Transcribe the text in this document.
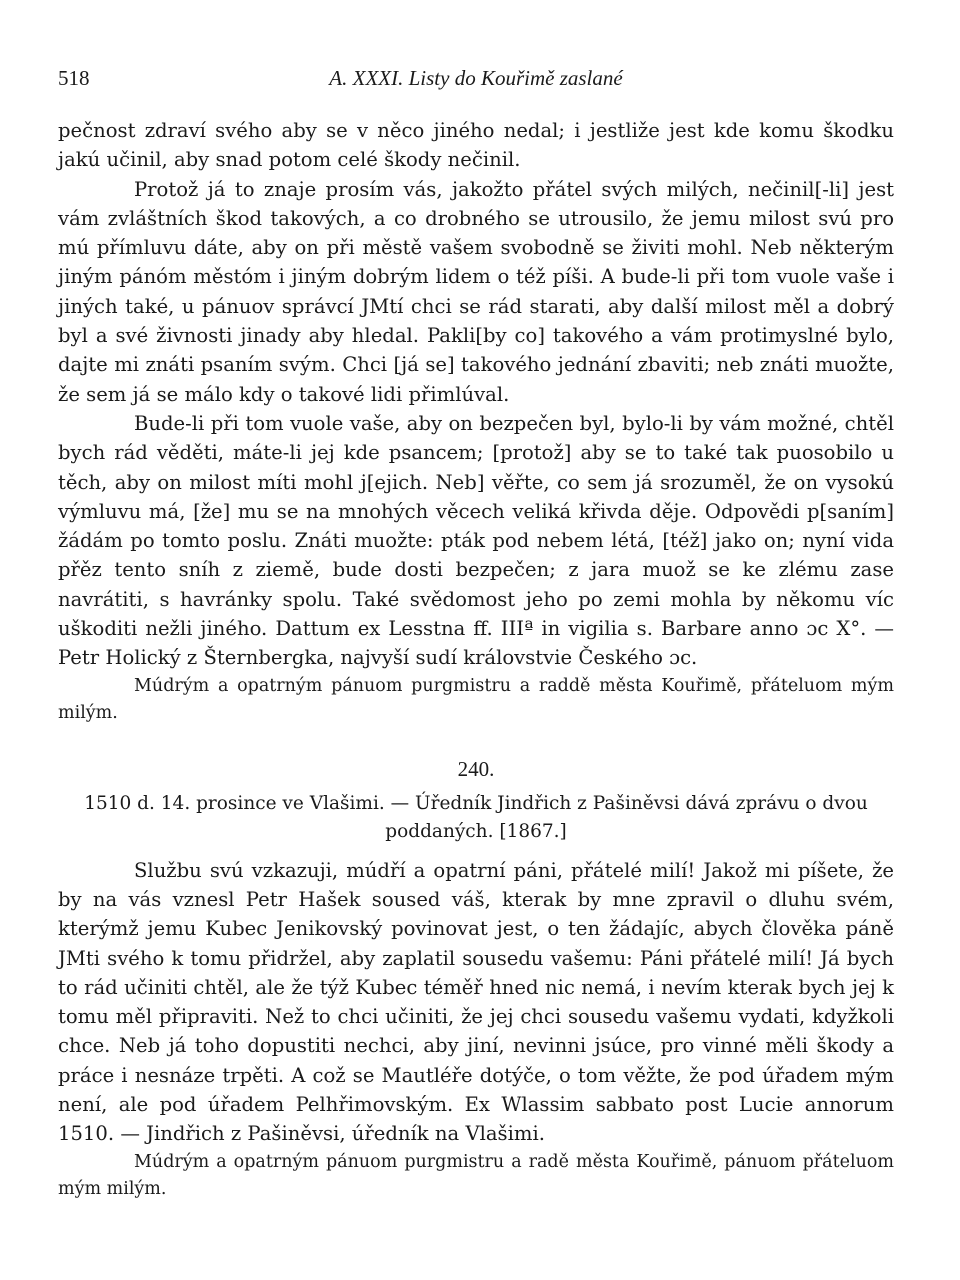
518	A. XXXI. Listy do Kouřimě zaslané

pečnost zdraví svého aby se v něco jiného nedal; i jestliže jest kde komu škodku jakú učinil, aby snad potom celé škody nečinil.

Protož já to znaje prosím vás, jakožto přátel svých milých, nečinil[-li] jest vám zvláštních škod takových, a co drobného se utrousilo, že jemu milost svú pro mú přímluvu dáte, aby on při městě vašem svobodně se živiti mohl. Neb některým jiným pánóm městóm i jiným dobrým lidem o též píši. A bude-li při tom vuole vaše i jiných také, u pánuov správcí JMtí chci se rád starati, aby další milost měl a dobrý byl a své živnosti jinady aby hledal. Pakli[by co] takového a vám protimyslné bylo, dajte mi znáti psaním svým. Chci [já se] takového jednání zbaviti; neb znáti muožte, že sem já se málo kdy o takové lidi přimlúval.

Bude-li při tom vuole vaše, aby on bezpečen byl, bylo-li by vám možné, chtěl bych rád věděti, máte-li jej kde psancem; [protož] aby se to také tak puosobilo u těch, aby on milost míti mohl j[ejich. Neb] věřte, co sem já srozuměl, že on vysokú výmluvu má, [že] mu se na mnohých věcech veliká křivda děje. Odpovědi p[saním] žádám po tomto poslu. Znáti muožte: pták pod nebem létá, [též] jako on; nyní vida přěz tento sníh z ziemě, bude dosti bezpečen; z jara muož se ke zlému zase navrátiti, s havránky spolu. Také svědomost jeho po zemi mohla by někomu víc uškoditi nežli jiného. Dattum ex Lesstna ff. IIIª in vigilia s. Barbare anno ɔc X°. — Petr Holický z Šternbergka, najvyší sudí královstvie Českého ɔc.

Múdrým a opatrným pánuom purgmistru a raddě města Kouřimě, přáteluom mým milým.

240.
1510 d. 14. prosince ve Vlašimi. — Úředník Jindřich z Pašiněvsi dává zprávu o dvou poddaných. [1867.]

Službu svú vzkazuji, múdří a opatrní páni, přátelé milí! Jakož mi píšete, že by na vás vznesl Petr Hašek soused váš, kterak by mne zpravil o dluhu svém, kterýmž jemu Kubec Jenikovský povinovat jest, o ten žádajíc, abych člověka páně JMti svého k tomu přidržel, aby zaplatil sousedu vašemu: Páni přátelé milí! Já bych to rád učiniti chtěl, ale že týž Kubec téměř hned nic nemá, i nevím kterak bych jej k tomu měl připraviti. Než to chci učiniti, že jej chci sousedu vašemu vydati, kdyžkoli chce. Neb já toho dopustiti nechci, aby jiní, nevinni jsúce, pro vinné měli škody a práce i nesnáze trpěti. A což se Mautléře dotýče, o tom věžte, že pod úřadem mým není, ale pod úřadem Pelhřimovským. Ex Wlassim sabbato post Lucie annorum 1510. — Jindřich z Pašiněvsi, úředník na Vlašimi.

Múdrým a opatrným pánuom purgmistru a radě města Kouřimě, pánuom přáteluom mým milým.
